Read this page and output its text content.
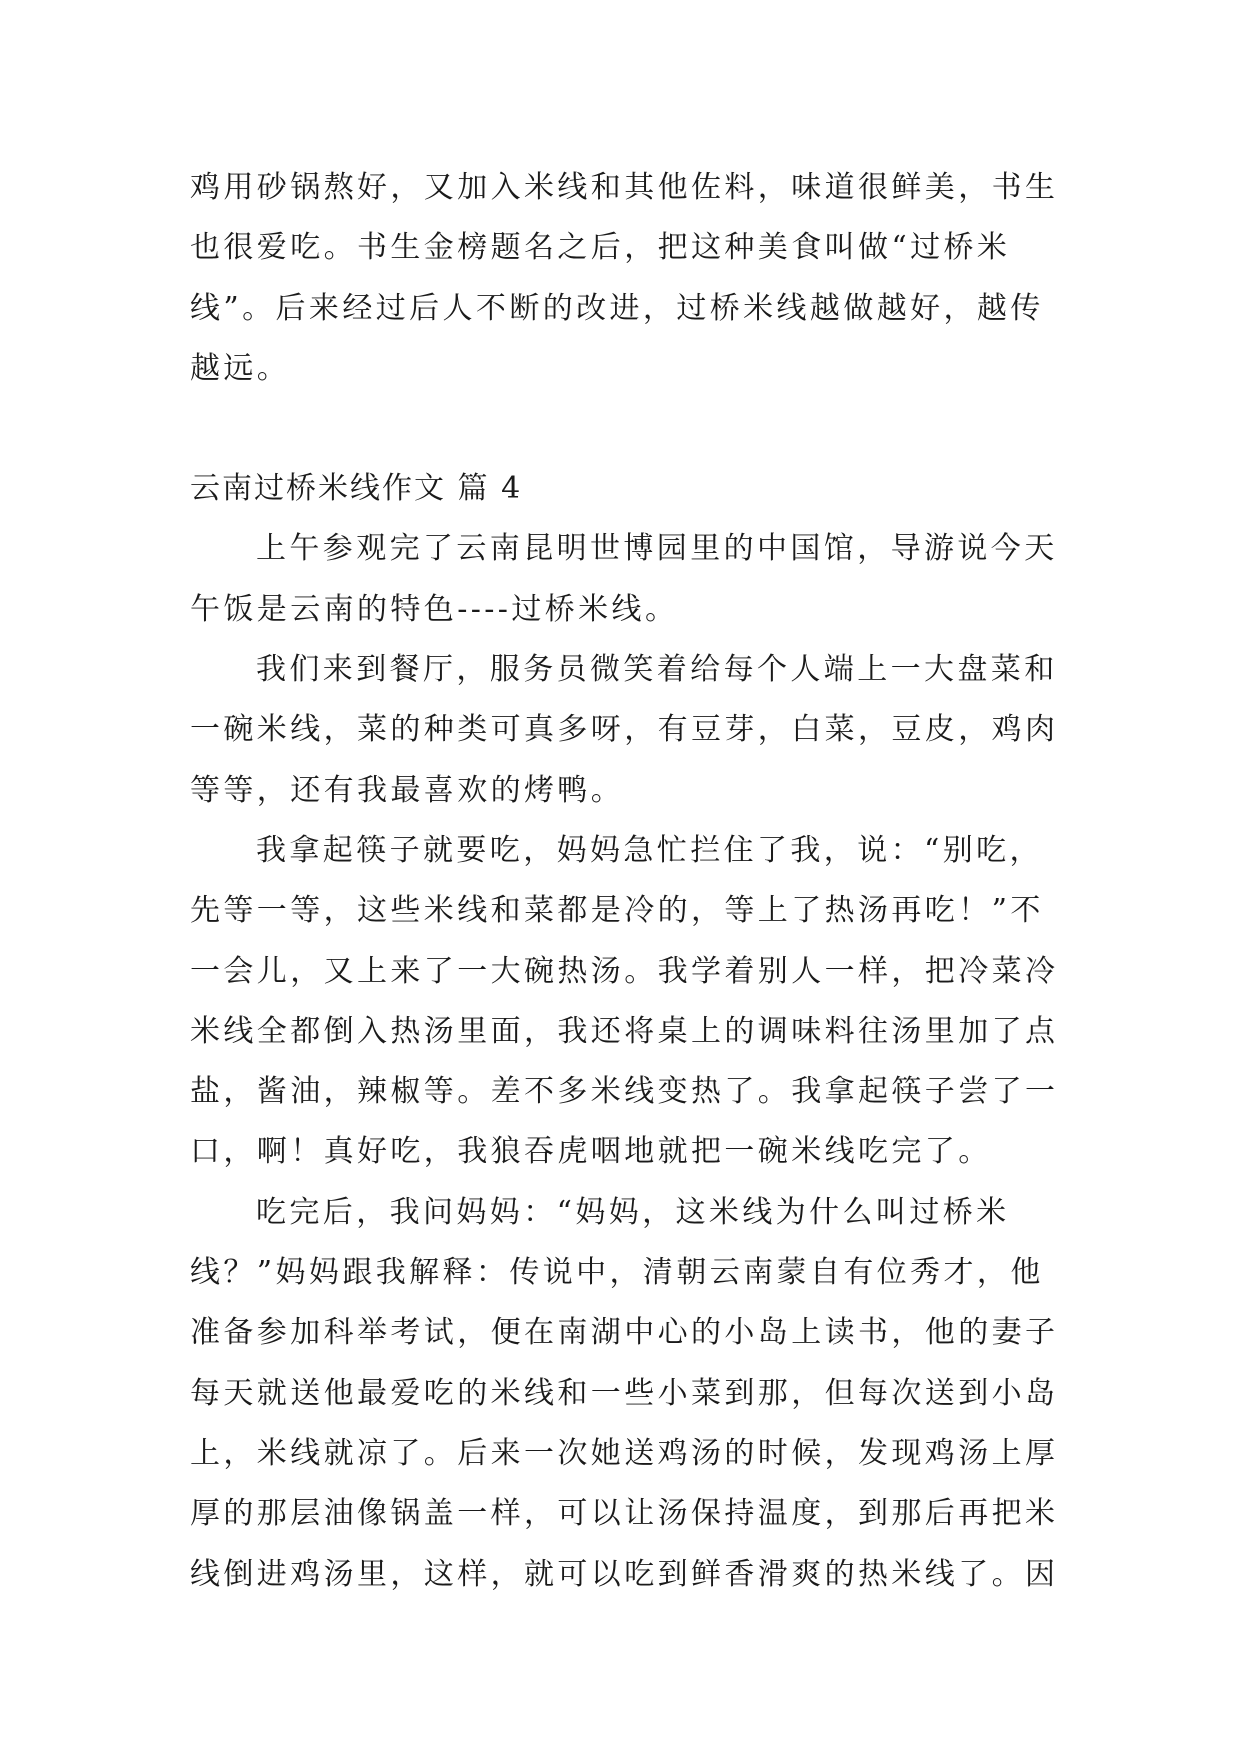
鸡用砂锅熬好，又加入米线和其他佐料，味道很鲜美，书生
也很爱吃。书生金榜题名之后，把这种美食叫做“过桥米
线”。后来经过后人不断的改进，过桥米线越做越好，越传
越远。
云南过桥米线作文 篇 4
上午参观完了云南昆明世博园里的中国馆，导游说今天
午饭是云南的特色----过桥米线。
我们来到餐厅，服务员微笑着给每个人端上一大盘菜和
一碗米线，菜的种类可真多呀，有豆芽，白菜，豆皮，鸡肉
等等，还有我最喜欢的烤鸭。
我拿起筷子就要吃，妈妈急忙拦住了我，说：“别吃，
先等一等，这些米线和菜都是冷的，等上了热汤再吃！”不
一会儿，又上来了一大碗热汤。我学着别人一样，把冷菜冷
米线全都倒入热汤里面，我还将桌上的调味料往汤里加了点
盐，酱油，辣椒等。差不多米线变热了。我拿起筷子尝了一
口，啊！真好吃，我狼吞虎咽地就把一碗米线吃完了。
吃完后，我问妈妈：“妈妈，这米线为什么叫过桥米
线？”妈妈跟我解释：传说中，清朝云南蒙自有位秀才，他
准备参加科举考试，便在南湖中心的小岛上读书，他的妻子
每天就送他最爱吃的米线和一些小菜到那，但每次送到小岛
上，米线就凉了。后来一次她送鸡汤的时候，发现鸡汤上厚
厚的那层油像锅盖一样，可以让汤保持温度，到那后再把米
线倒进鸡汤里，这样，就可以吃到鲜香滑爽的热米线了。因
